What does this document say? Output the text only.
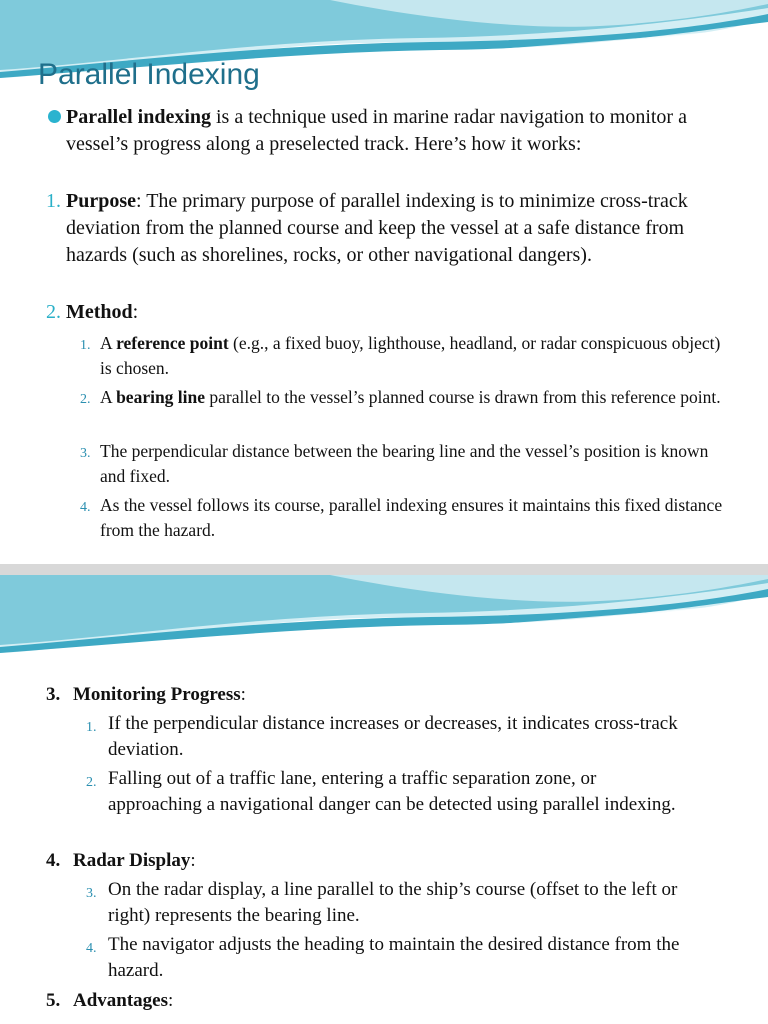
Parallel Indexing
Parallel indexing is a technique used in marine radar navigation to monitor a vessel’s progress along a preselected track. Here’s how it works:
1. Purpose: The primary purpose of parallel indexing is to minimize cross-track deviation from the planned course and keep the vessel at a safe distance from hazards (such as shorelines, rocks, or other navigational dangers).
2. Method:
1. A reference point (e.g., a fixed buoy, lighthouse, headland, or radar conspicuous object) is chosen.
2. A bearing line parallel to the vessel’s planned course is drawn from this reference point.
3. The perpendicular distance between the bearing line and the vessel’s position is known and fixed.
4. As the vessel follows its course, parallel indexing ensures it maintains this fixed distance from the hazard.
3. Monitoring Progress:
1. If the perpendicular distance increases or decreases, it indicates cross-track deviation.
2. Falling out of a traffic lane, entering a traffic separation zone, or approaching a navigational danger can be detected using parallel indexing.
4. Radar Display:
3. On the radar display, a line parallel to the ship’s course (offset to the left or right) represents the bearing line.
4. The navigator adjusts the heading to maintain the desired distance from the hazard.
5. Advantages:
